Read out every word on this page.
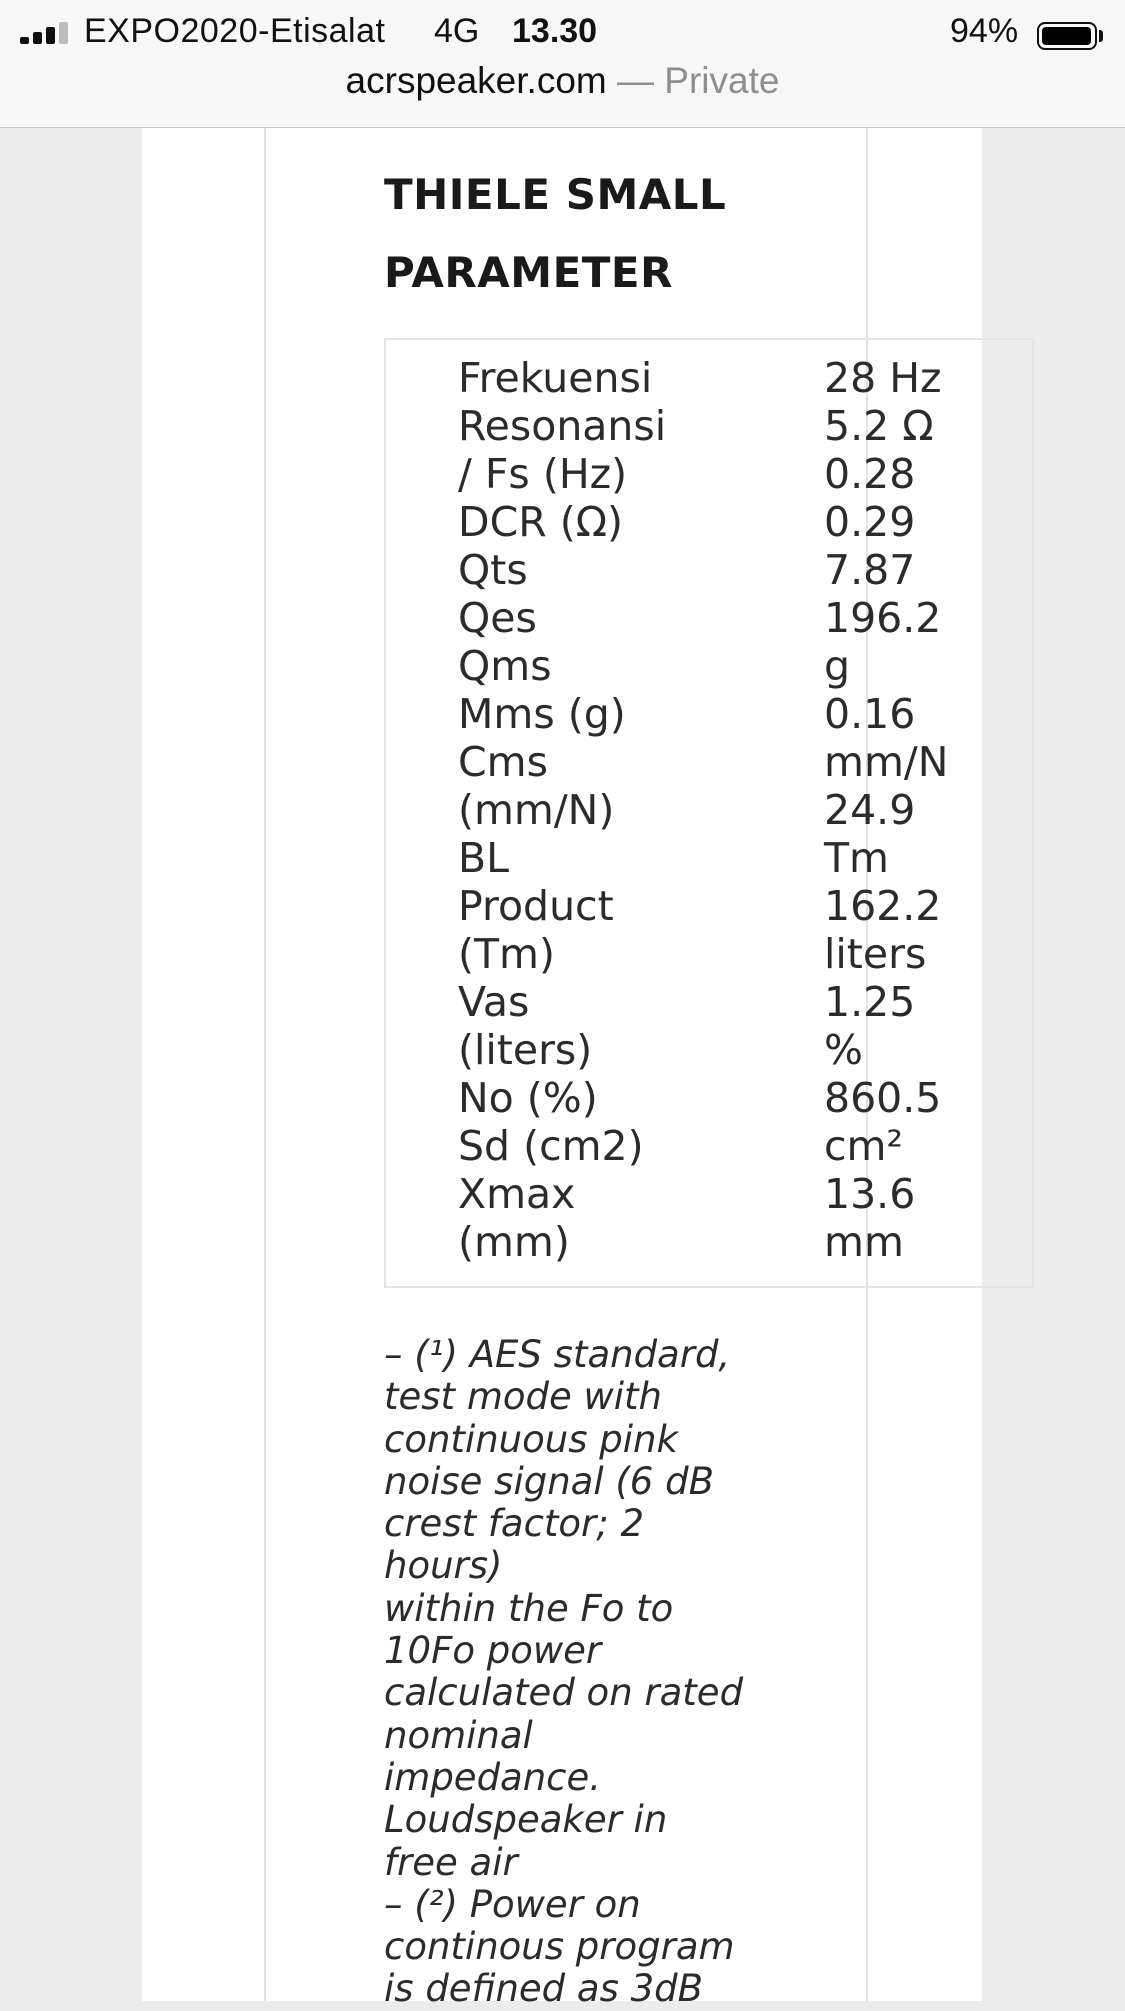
EXPO2020-Etisalat 4G 13.30	94%
acrspeaker.com — Private
THIELE SMALL
PARAMETER
Frekuensi
Resonansi
/ Fs (Hz)
DCR (Ω)
Qts
Qes
Qms
Mms (g)
Cms
(mm/N)
BL
Product
(Tm)
Vas
(liters)
No (%)
Sd (cm2)
Xmax
(mm)
28 Hz
5.2 Ω
0.28
0.29
7.87
196.2
g
0.16
mm/N
24.9
Tm
162.2
liters
1.25
%
860.5
cm²
13.6
mm
– (¹) AES standard,
test mode with
continuous pink
noise signal (6 dB
crest factor; 2
hours)
within the Fo to
10Fo power
calculated on rated
nominal
impedance.
Loudspeaker in
free air
– (²) Power on
continous program
is defined as 3dB
